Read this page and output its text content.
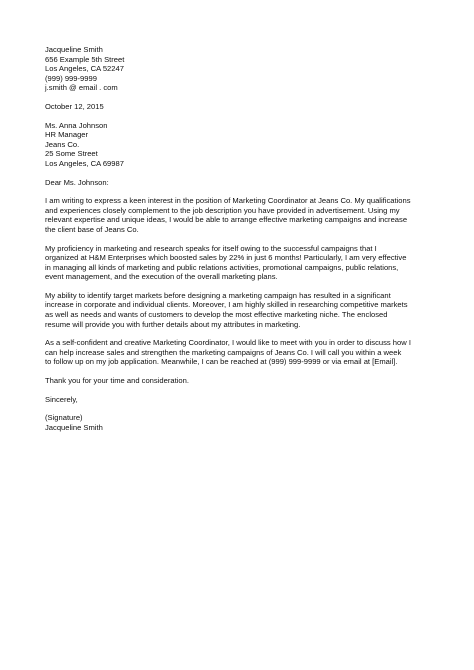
Jacqueline Smith
656 Example 5th Street
Los Angeles, CA 52247
(999) 999-9999
j.smith @ email . com
October 12, 2015
Ms. Anna Johnson
HR Manager
Jeans Co.
25 Some Street
Los Angeles, CA 69987
Dear Ms. Johnson:
I am writing to express a keen interest in the position of Marketing Coordinator at Jeans Co. My qualifications
and experiences closely complement to the job description you have provided in advertisement. Using my
relevant expertise and unique ideas, I would be able to arrange effective marketing campaigns and increase
the client base of Jeans Co.
My proficiency in marketing and research speaks for itself owing to the successful campaigns that I
organized at H&M Enterprises which boosted sales by 22% in just 6 months! Particularly, I am very effective
in managing all kinds of marketing and public relations activities, promotional campaigns, public relations,
event management, and the execution of the overall marketing plans.
My ability to identify target markets before designing a marketing campaign has resulted in a significant
increase in corporate and individual clients. Moreover, I am highly skilled in researching competitive markets
as well as needs and wants of customers to develop the most effective marketing niche. The enclosed
resume will provide you with further details about my attributes in marketing.
As a self-confident and creative Marketing Coordinator, I would like to meet with you in order to discuss how I
can help increase sales and strengthen the marketing campaigns of Jeans Co. I will call you within a week
to follow up on my job application. Meanwhile, I can be reached at (999) 999-9999 or via email at [Email].
Thank you for your time and consideration.
Sincerely,
(Signature)
Jacqueline Smith
